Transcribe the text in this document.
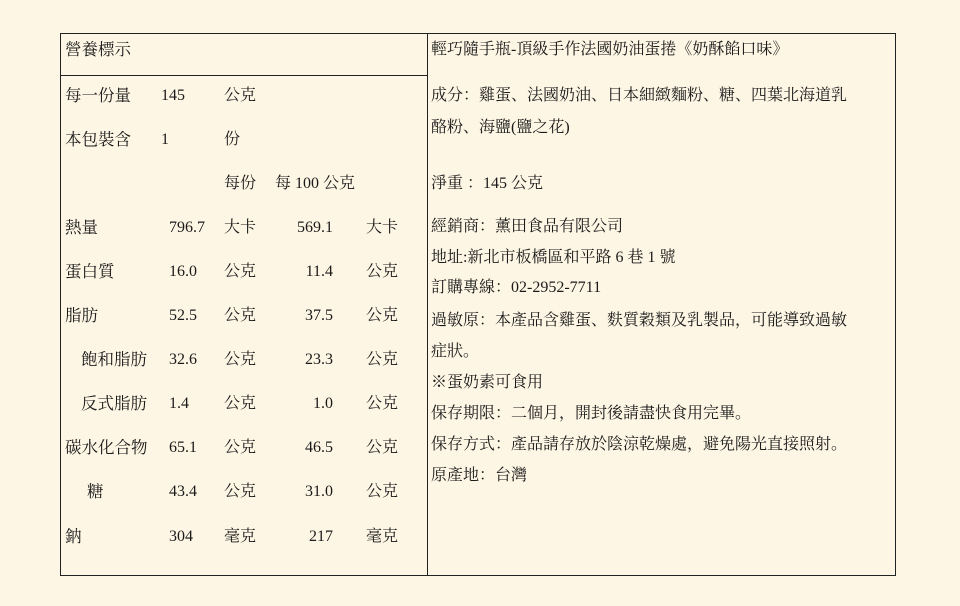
營養標示
每一份量 145 公克
本包裝含 1	份
每份 每 100 公克
熱量	796.7 大卡	569.1 大卡
蛋白質	16.0 公克	11.4 公克
脂肪	52.5 公克	37.5 公克
飽和脂肪 32.6 公克	23.3 公克
反式脂肪 1.4 公克	1.0 公克
碳水化合物 65.1 公克	46.5 公克
糖	43.4 公克	31.0 公克
鈉	304 毫克	217 毫克
輕巧隨手瓶-頂級手作法國奶油蛋捲《奶酥餡口味》
成分：雞蛋、法國奶油、日本細緻麵粉、糖、四葉北海道乳
酪粉、海鹽(鹽之花)
淨重 ：145 公克
經銷商：薰田食品有限公司
地址:新北市板橋區和平路 6 巷 1 號
訂購專線：02-2952-7711
過敏原：本產品含雞蛋、麩質穀類及乳製品，可能導致過敏
症狀。
※蛋奶素可食用
保存期限：二個月，開封後請盡快食用完畢。
保存方式：產品請存放於陰涼乾燥處，避免陽光直接照射。
原產地：台灣
